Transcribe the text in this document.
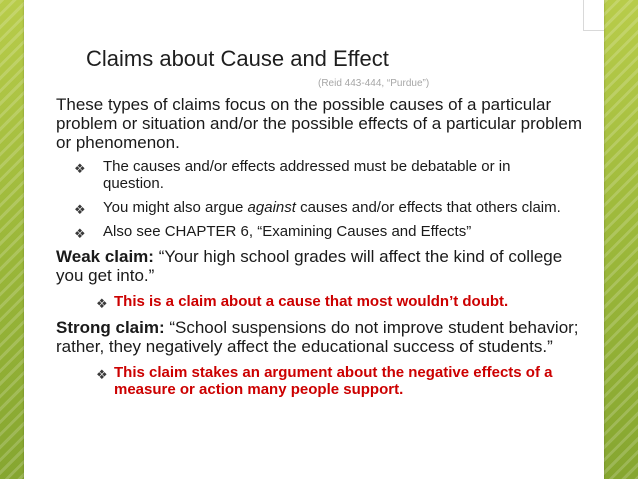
Claims about Cause and Effect
(Reid 443-444, “Purdue”)

These types of claims focus on the possible causes of a particular problem or situation and/or the possible effects of a particular problem or phenomenon.

❖ The causes and/or effects addressed must be debatable or in question.
❖ You might also argue against causes and/or effects that others claim.
❖ Also see CHAPTER 6, “Examining Causes and Effects”

Weak claim: “Your high school grades will affect the kind of college you get into.”

❖ This is a claim about a cause that most wouldn’t doubt.

Strong claim: “School suspensions do not improve student behavior; rather, they negatively affect the educational success of students.”

❖ This claim stakes an argument about the negative effects of a measure or action many people support.
